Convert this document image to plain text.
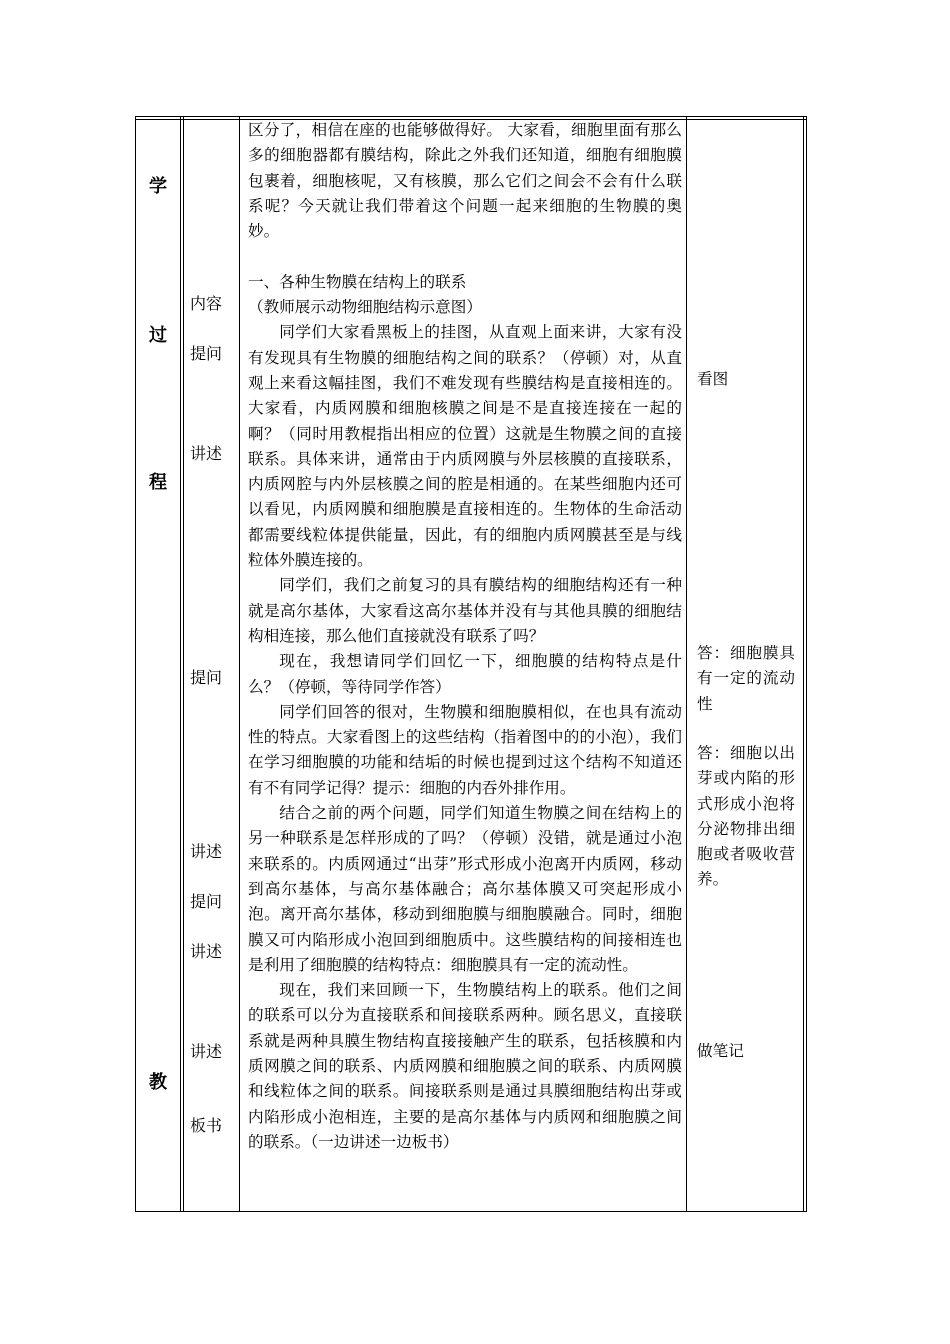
学
过
程
教
内容
提问
讲述
提问
讲述
提问
讲述
讲述
板书

区分了，相信在座的也能够做得好。 大家看，细胞里面有那么多的细胞器都有膜结构，除此之外我们还知道，细胞有细胞膜包裹着，细胞核呢，又有核膜，那么它们之间会不会有什么联系呢？今天就让我们带着这个问题一起来细胞的生物膜的奥妙。

一、各种生物膜在结构上的联系

（教师展示动物细胞结构示意图）

同学们大家看黑板上的挂图，从直观上面来讲，大家有没有发现具有生物膜的细胞结构之间的联系？（停顿）对，从直观上来看这幅挂图，我们不难发现有些膜结构是直接相连的。大家看，内质网膜和细胞核膜之间是不是直接连接在一起的啊？（同时用教棍指出相应的位置）这就是生物膜之间的直接联系。具体来讲，通常由于内质网膜与外层核膜的直接联系，内质网腔与内外层核膜之间的腔是相通的。在某些细胞内还可以看见，内质网膜和细胞膜是直接相连的。生物体的生命活动都需要线粒体提供能量，因此，有的细胞内质网膜甚至是与线粒体外膜连接的。

同学们，我们之前复习的具有膜结构的细胞结构还有一种就是高尔基体，大家看这高尔基体并没有与其他具膜的细胞结构相连接，那么他们直接就没有联系了吗？

现在，我想请同学们回忆一下，细胞膜的结构特点是什么？（停顿，等待同学作答）

同学们回答的很对，生物膜和细胞膜相似，在也具有流动性的特点。大家看图上的这些结构（指着图中的的小泡），我们在学习细胞膜的功能和结垢的时候也提到过这个结构不知道还有不有同学记得？提示：细胞的内吞外排作用。

结合之前的两个问题，同学们知道生物膜之间在结构上的另一种联系是怎样形成的了吗？（停顿）没错，就是通过小泡来联系的。内质网通过“出芽”形式形成小泡离开内质网，移动到高尔基体，与高尔基体融合；高尔基体膜又可突起形成小泡。离开高尔基体，移动到细胞膜与细胞膜融合。同时，细胞膜又可内陷形成小泡回到细胞质中。这些膜结构的间接相连也是利用了细胞膜的结构特点：细胞膜具有一定的流动性。

现在，我们来回顾一下，生物膜结构上的联系。他们之间的联系可以分为直接联系和间接联系两种。顾名思义，直接联系就是两种具膜生物结构直接接触产生的联系，包括核膜和内质网膜之间的联系、内质网膜和细胞膜之间的联系、内质网膜和线粒体之间的联系。间接联系则是通过具膜细胞结构出芽或内陷形成小泡相连，主要的是高尔基体与内质网和细胞膜之间的联系。（一边讲述一边板书）

看图

答：细胞膜具有一定的流动性

答：细胞以出芽或内陷的形式形成小泡将分泌物排出细胞或者吸收营养。

做笔记
